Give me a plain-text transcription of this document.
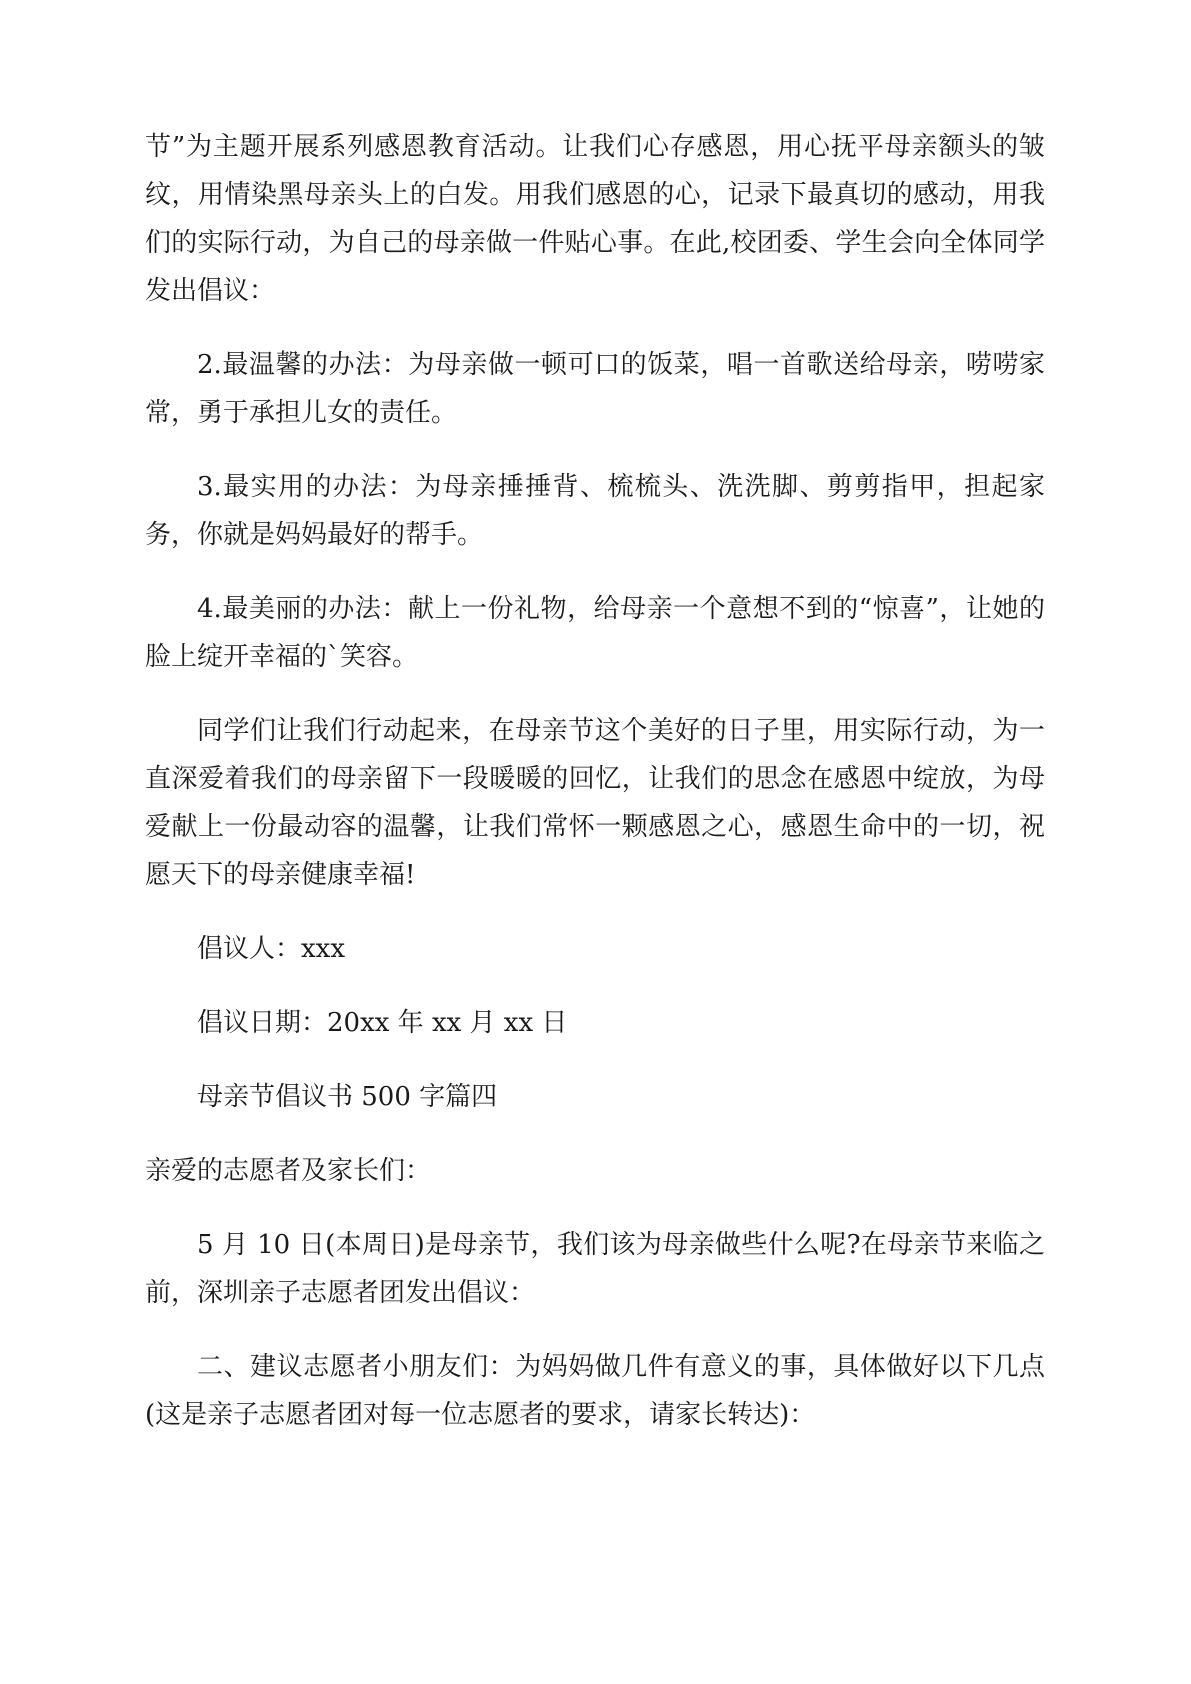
节”为主题开展系列感恩教育活动。让我们心存感恩，用心抚平母亲额头的皱纹，用情染黑母亲头上的白发。用我们感恩的心，记录下最真切的感动，用我们的实际行动，为自己的母亲做一件贴心事。在此,校团委、学生会向全体同学发出倡议：

2.最温馨的办法：为母亲做一顿可口的饭菜，唱一首歌送给母亲，唠唠家常，勇于承担儿女的责任。

3.最实用的办法：为母亲捶捶背、梳梳头、洗洗脚、剪剪指甲，担起家务，你就是妈妈最好的帮手。

4.最美丽的办法：献上一份礼物，给母亲一个意想不到的“惊喜”，让她的脸上绽开幸福的`笑容。

同学们让我们行动起来，在母亲节这个美好的日子里，用实际行动，为一直深爱着我们的母亲留下一段暖暖的回忆，让我们的思念在感恩中绽放，为母爱献上一份最动容的温馨，让我们常怀一颗感恩之心，感恩生命中的一切，祝愿天下的母亲健康幸福!

倡议人：xxx

倡议日期：20xx 年 xx 月 xx 日

母亲节倡议书 500 字篇四

亲爱的志愿者及家长们：

5 月 10 日(本周日)是母亲节，我们该为母亲做些什么呢?在母亲节来临之前，深圳亲子志愿者团发出倡议：

二、建议志愿者小朋友们：为妈妈做几件有意义的事，具体做好以下几点(这是亲子志愿者团对每一位志愿者的要求，请家长转达)：
